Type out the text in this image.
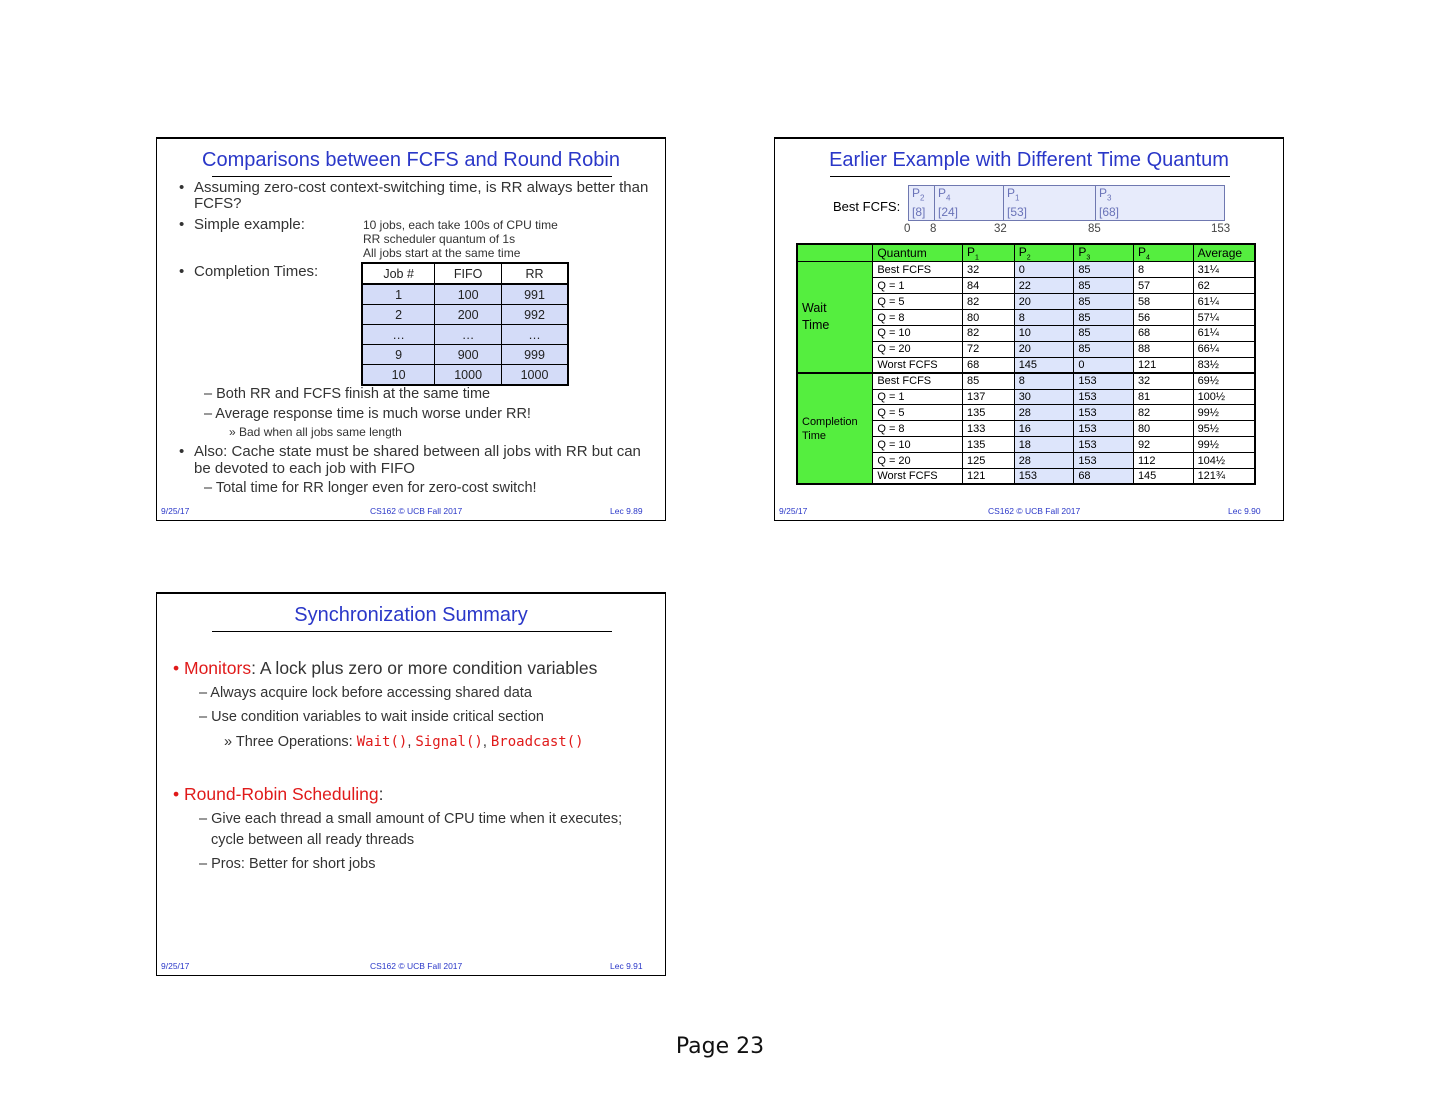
Comparisons between FCFS and Round Robin
• Assuming zero-cost context-switching time, is RR always better than
FCFS?
• Simple example:	10 jobs, each take 100s of CPU time
RR scheduler quantum of 1s
All jobs start at the same time
• Completion Times:	Job #	FIFO	RR
1	100	991
2	200	992
…	…	…
9	900	999
10	1000	1000
– Both RR and FCFS finish at the same time
– Average response time is much worse under RR!
» Bad when all jobs same length
• Also: Cache state must be shared between all jobs with RR but can
be devoted to each job with FIFO
– Total time for RR longer even for zero-cost switch!
9/25/17	CS162 © UCB Fall 2017	Lec 9.89
Earlier Example with Different Time Quantum
Best FCFS:
$P_2$
[8]
$P_4$
[24]
$P_1$
[53]
$P_3$
[68]
0 8	32	85	153
	Quantum	$P_1$	$P_2$	$P_3$	$P_4$	Average
Wait
Time	Best FCFS	32	0	85	8	31¼
	Q = 1	84	22	85	57	62
	Q = 5	82	20	85	58	61¼
	Q = 8	80	8	85	56	57¼
	Q = 10	82	10	85	68	61¼
	Q = 20	72	20	85	88	66¼
	Worst FCFS	68	145	0	121	83½
Completion
Time	Best FCFS	85	8	153	32	69½
	Q = 1	137	30	153	81	100½
	Q = 5	135	28	153	82	99½
	Q = 8	133	16	153	80	95½
	Q = 10	135	18	153	92	99½
	Q = 20	125	28	153	112	104½
	Worst FCFS	121	153	68	145	121¾
9/25/17	CS162 © UCB Fall 2017	Lec 9.90
Synchronization Summary
• Monitors: A lock plus zero or more condition variables
– Always acquire lock before accessing shared data
– Use condition variables to wait inside critical section
» Three Operations: Wait(), Signal(), Broadcast()
• Round-Robin Scheduling:
– Give each thread a small amount of CPU time when it executes;
cycle between all ready threads
– Pros: Better for short jobs
9/25/17	CS162 © UCB Fall 2017	Lec 9.91
Page 23
